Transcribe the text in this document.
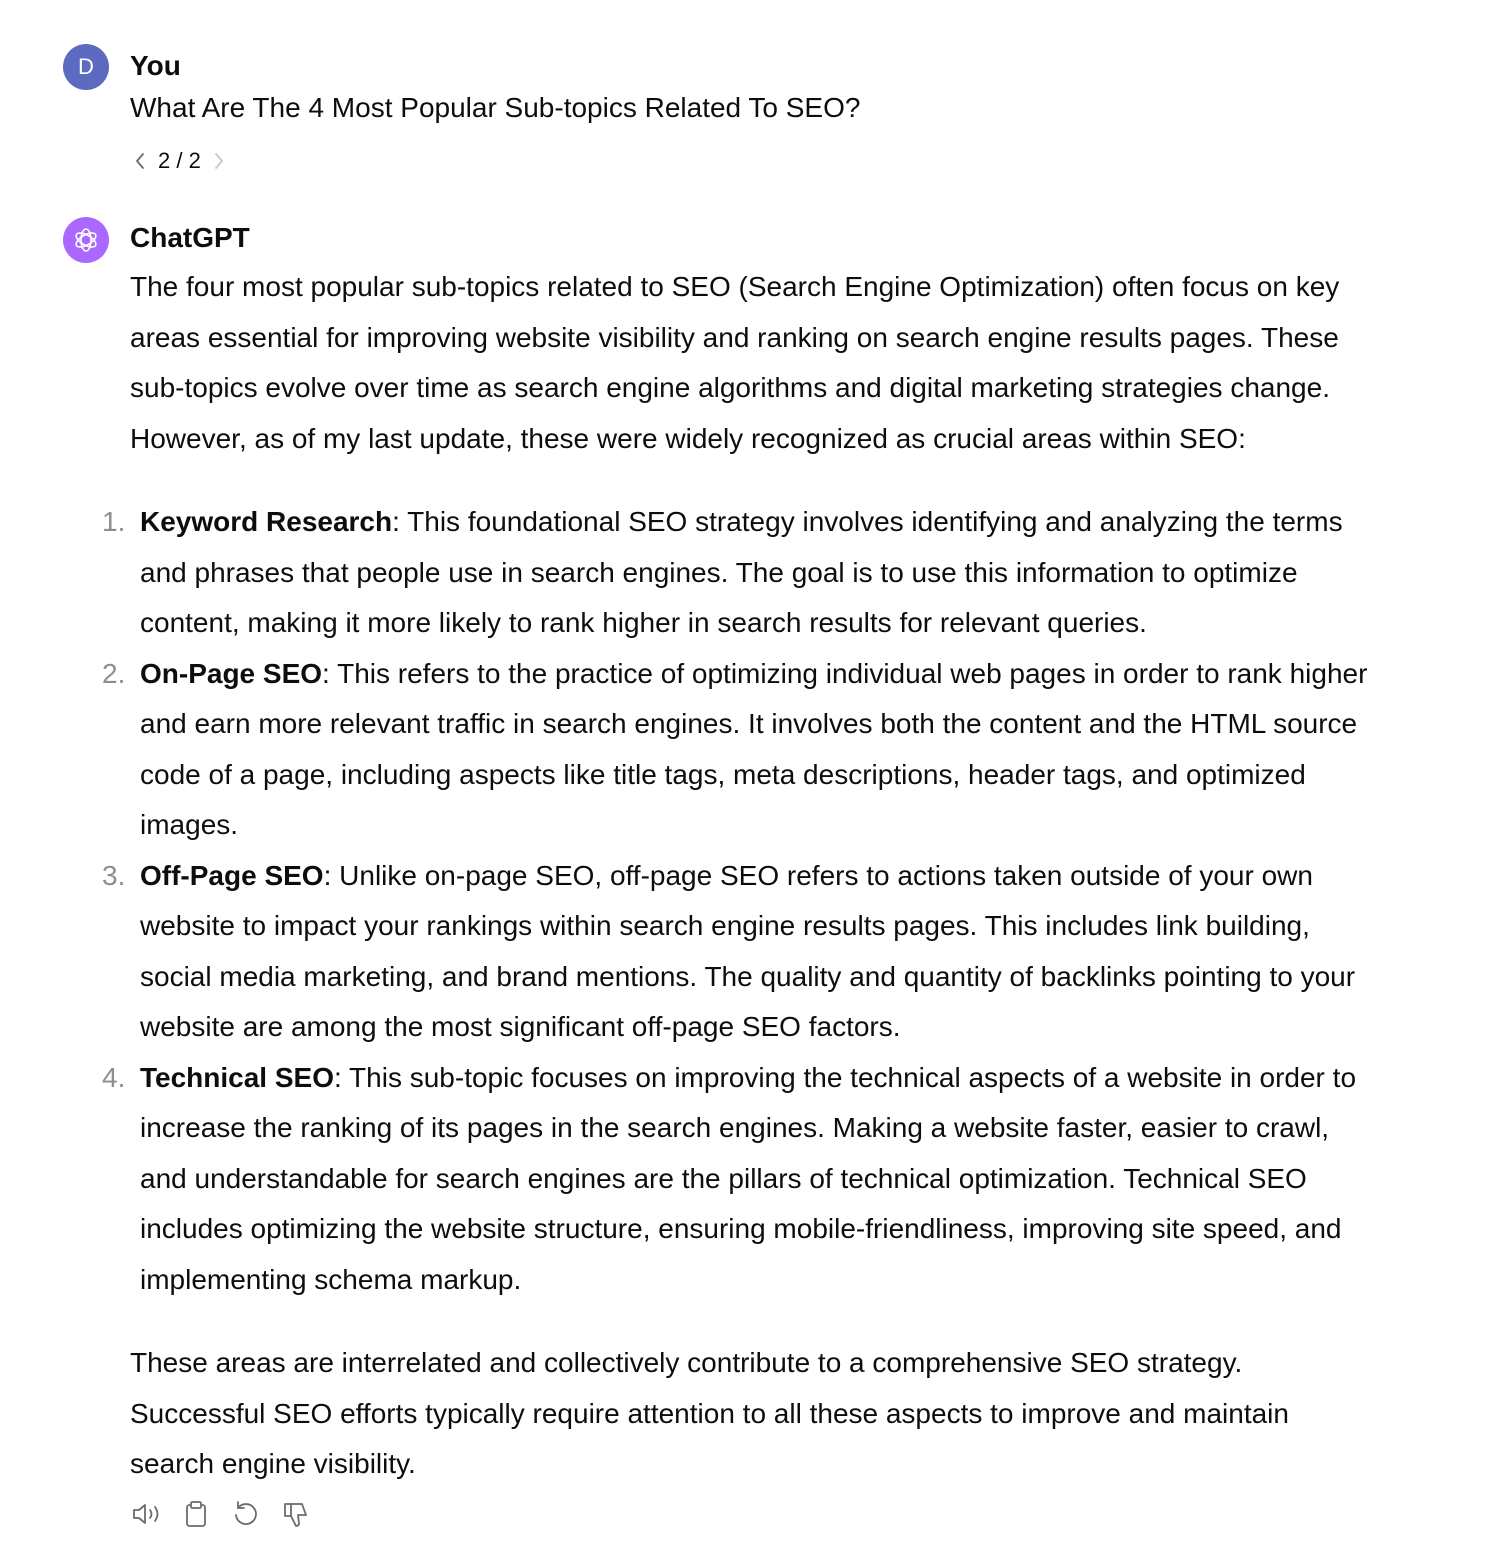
D You
What Are The 4 Most Popular Sub-topics Related To SEO?
2 / 2
ChatGPT

The four most popular sub-topics related to SEO (Search Engine Optimization) often focus on key areas essential for improving website visibility and ranking on search engine results pages. These sub-topics evolve over time as search engine algorithms and digital marketing strategies change. However, as of my last update, these were widely recognized as crucial areas within SEO:

1. Keyword Research: This foundational SEO strategy involves identifying and analyzing the terms and phrases that people use in search engines. The goal is to use this information to optimize content, making it more likely to rank higher in search results for relevant queries.
2. On-Page SEO: This refers to the practice of optimizing individual web pages in order to rank higher and earn more relevant traffic in search engines. It involves both the content and the HTML source code of a page, including aspects like title tags, meta descriptions, header tags, and optimized images.
3. Off-Page SEO: Unlike on-page SEO, off-page SEO refers to actions taken outside of your own website to impact your rankings within search engine results pages. This includes link building, social media marketing, and brand mentions. The quality and quantity of backlinks pointing to your website are among the most significant off-page SEO factors.
4. Technical SEO: This sub-topic focuses on improving the technical aspects of a website in order to increase the ranking of its pages in the search engines. Making a website faster, easier to crawl, and understandable for search engines are the pillars of technical optimization. Technical SEO includes optimizing the website structure, ensuring mobile-friendliness, improving site speed, and implementing schema markup.

These areas are interrelated and collectively contribute to a comprehensive SEO strategy. Successful SEO efforts typically require attention to all these aspects to improve and maintain search engine visibility.
